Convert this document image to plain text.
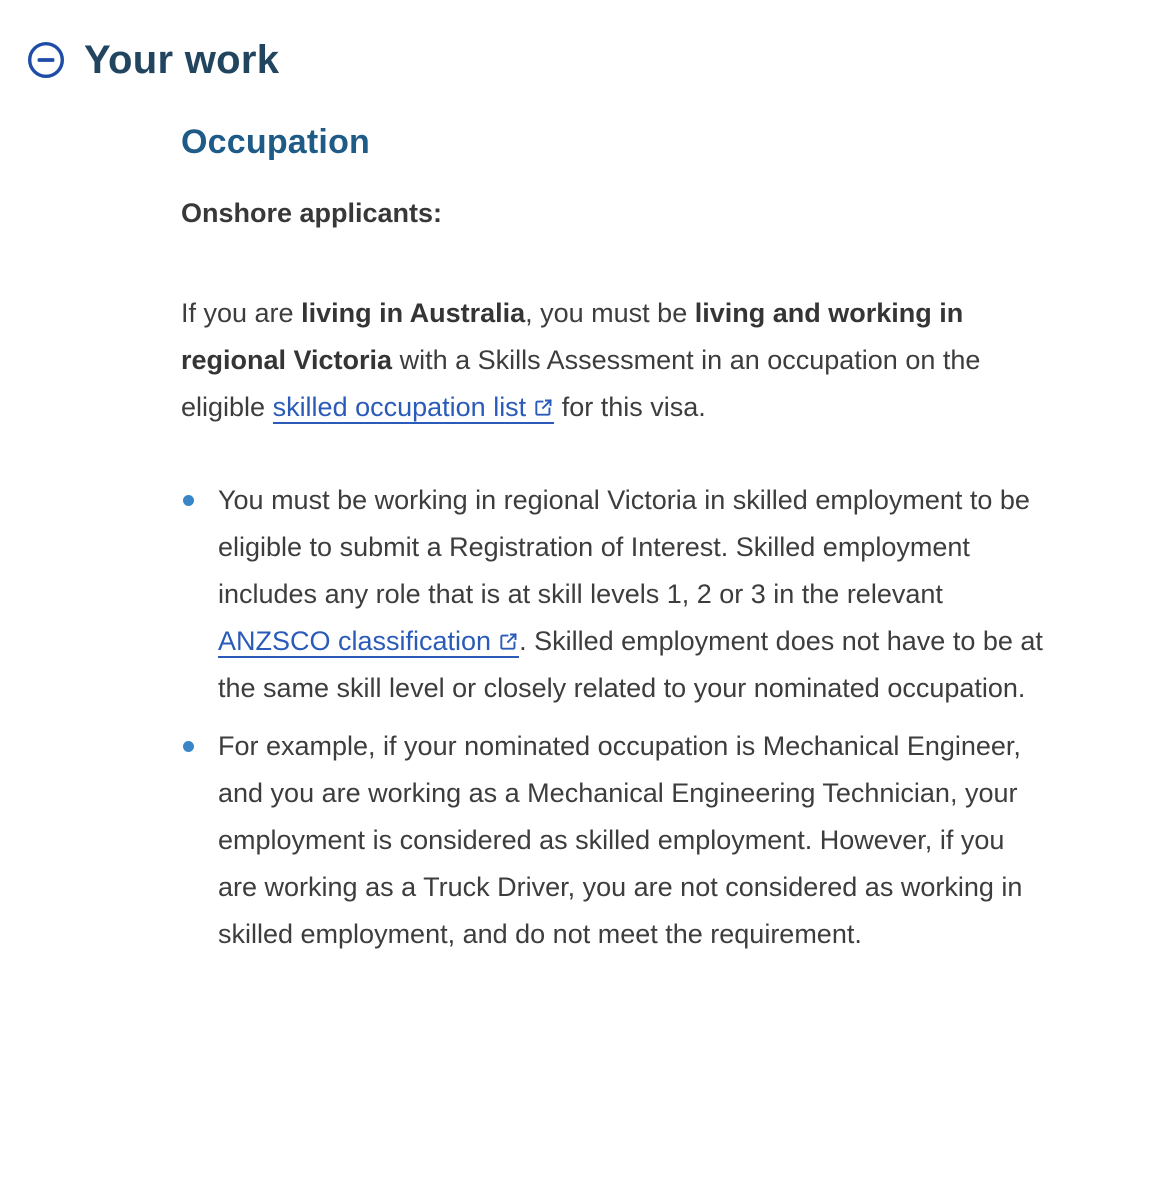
Your work
Occupation

Onshore applicants:

If you are living in Australia, you must be living and working in regional Victoria with a Skills Assessment in an occupation on the eligible skilled occupation list for this visa.

You must be working in regional Victoria in skilled employment to be eligible to submit a Registration of Interest. Skilled employment includes any role that is at skill levels 1, 2 or 3 in the relevant ANZSCO classification . Skilled employment does not have to be at the same skill level or closely related to your nominated occupation.
For example, if your nominated occupation is Mechanical Engineer, and you are working as a Mechanical Engineering Technician, your employment is considered as skilled employment. However, if you are working as a Truck Driver, you are not considered as working in skilled employment, and do not meet the requirement.
